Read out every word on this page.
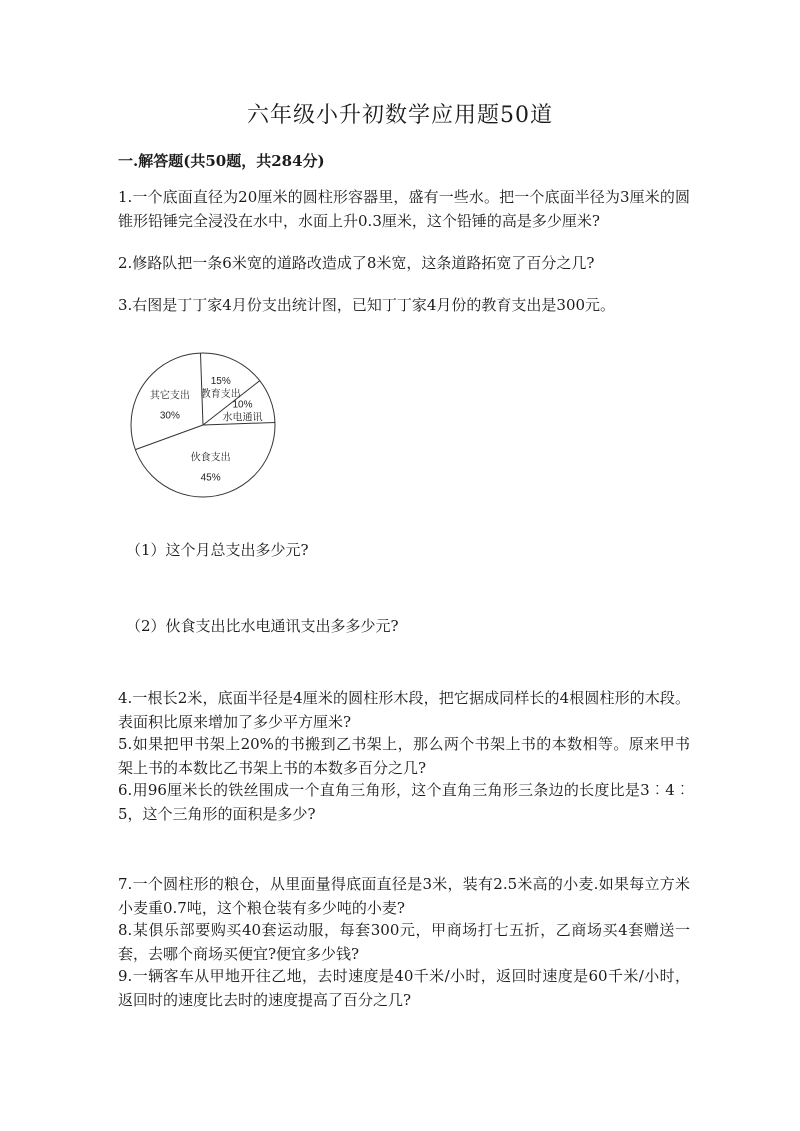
六年级小升初数学应用题50道
一.解答题(共50题，共284分)

1.一个底面直径为20厘米的圆柱形容器里，盛有一些水。把一个底面半径为3厘米的圆锥形铅锤完全浸没在水中，水面上升0.3厘米，这个铅锤的高是多少厘米?

2.修路队把一条6米宽的道路改造成了8米宽，这条道路拓宽了百分之几?

3.右图是丁丁家4月份支出统计图，已知丁丁家4月份的教育支出是300元。

其它支出
30%
教育支出
15%
水电通讯
10%
伙食支出
45%

（1）这个月总支出多少元?

（2）伙食支出比水电通讯支出多多少元?

4.一根长2米，底面半径是4厘米的圆柱形木段，把它据成同样长的4根圆柱形的木段。表面积比原来增加了多少平方厘米?

5.如果把甲书架上20%的书搬到乙书架上，那么两个书架上书的本数相等。原来甲书架上书的本数比乙书架上书的本数多百分之几?

6.用96厘米长的铁丝围成一个直角三角形，这个直角三角形三条边的长度比是3︰4︰5，这个三角形的面积是多少?

7.一个圆柱形的粮仓，从里面量得底面直径是3米，装有2.5米高的小麦.如果每立方米小麦重0.7吨，这个粮仓装有多少吨的小麦?

8.某俱乐部要购买40套运动服，每套300元，甲商场打七五折，乙商场买4套赠送一套，去哪个商场买便宜?便宜多少钱?

9.一辆客车从甲地开往乙地，去时速度是40千米/小时，返回时速度是60千米/小时，返回时的速度比去时的速度提高了百分之几?
